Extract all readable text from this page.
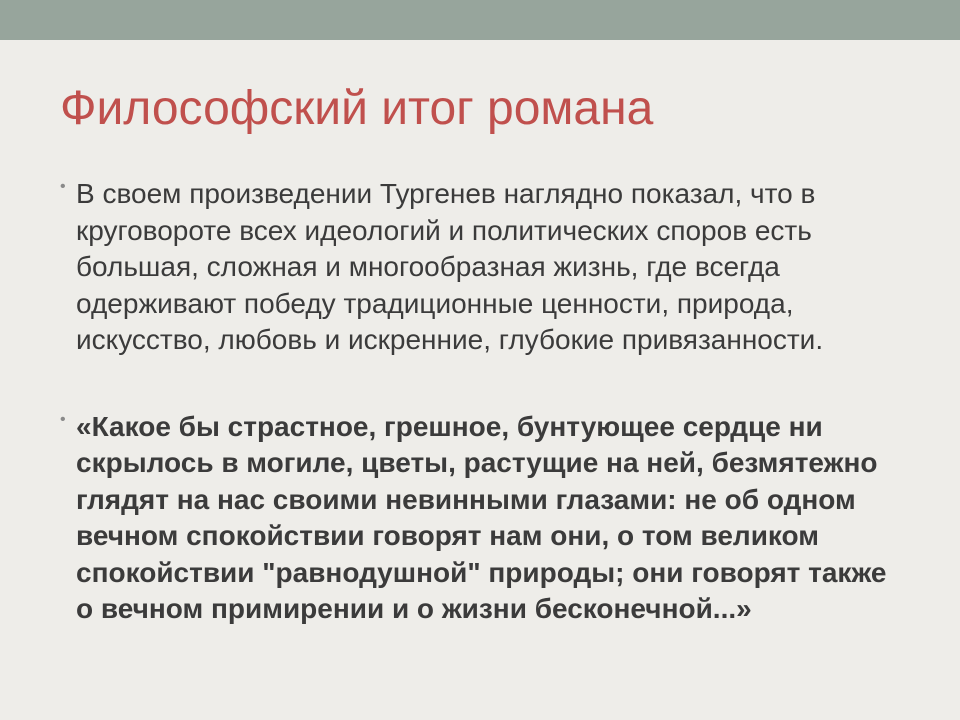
Философский итог романа
• В своем произведении Тургенев наглядно показал, что в круговороте всех идеологий и политических споров есть большая, сложная и многообразная жизнь, где всегда одерживают победу традиционные ценности, природа, искусство, любовь и искренние, глубокие привязанности.
• «Какое бы страстное, грешное, бунтующее сердце ни скрылось в могиле, цветы, растущие на ней, безмятежно глядят на нас своими невинными глазами: не об одном вечном спокойствии говорят нам они, о том великом спокойствии "равнодушной" природы; они говорят также о вечном примирении и о жизни бесконечной...»
